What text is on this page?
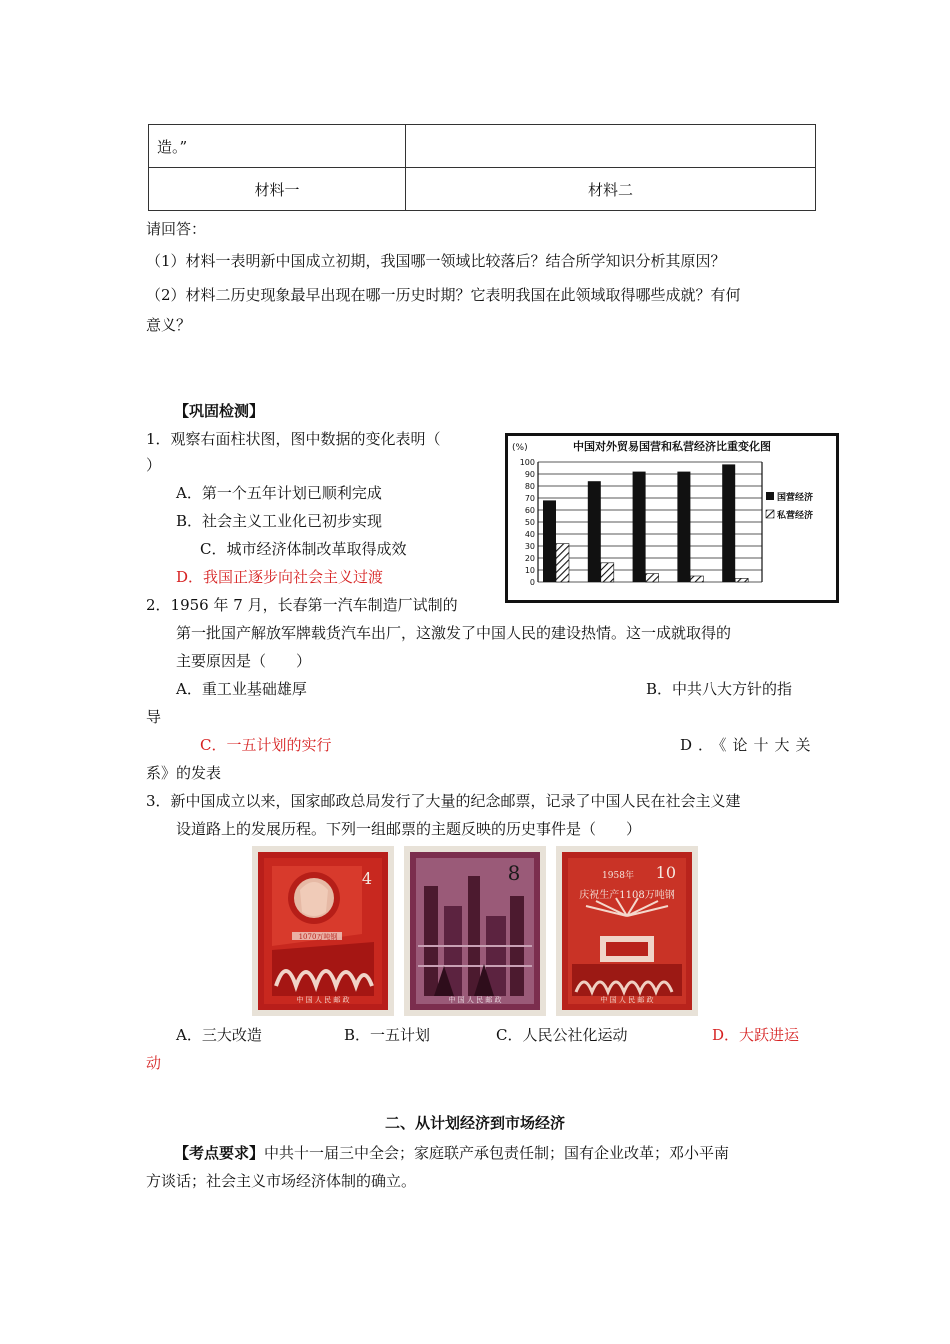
造。”	
材料一	材料二
请回答：
（1）材料一表明新中国成立初期，我国哪一领域比较落后？结合所学知识分析其原因？
（2）材料二历史现象最早出现在哪一历史时期？它表明我国在此领域取得哪些成就？有何
意义？
【巩固检测】
1．观察右面柱状图，图中数据的变化表明（
）
A．第一个五年计划已顺利完成
B．社会主义工业化已初步实现
C．城市经济体制改革取得成效
D．我国正逐步向社会主义过渡
中国对外贸易国营和私营经济比重变化图
(%)
100
90
80
70
60
50
40
30
20
10
0
国营经济
私营经济
2．1956 年 7 月，长春第一汽车制造厂试制的
第一批国产解放军牌载货汽车出厂，这激发了中国人民的建设热情。这一成就取得的
主要原因是（　　）
A．重工业基础雄厚	B．中共八大方针的指
导
C．一五计划的实行	D．《论十大关
系》的发表
3．新中国成立以来，国家邮政总局发行了大量的纪念邮票，记录了中国人民在社会主义建
设道路上的发展历程。下列一组邮票的主题反映的历史事件是（　　）
1070万吨钢
4
中 国 人 民 邮 政
8
中 国 人 民 邮 政
1958年 10
庆祝生产1108万吨钢
中 国 人 民 邮 政
A．三大改造	B．一五计划	C．人民公社化运动	D．大跃进运
动
二、从计划经济到市场经济
【考点要求】中共十一届三中全会；家庭联产承包责任制；国有企业改革；邓小平南
方谈话；社会主义市场经济体制的确立。
